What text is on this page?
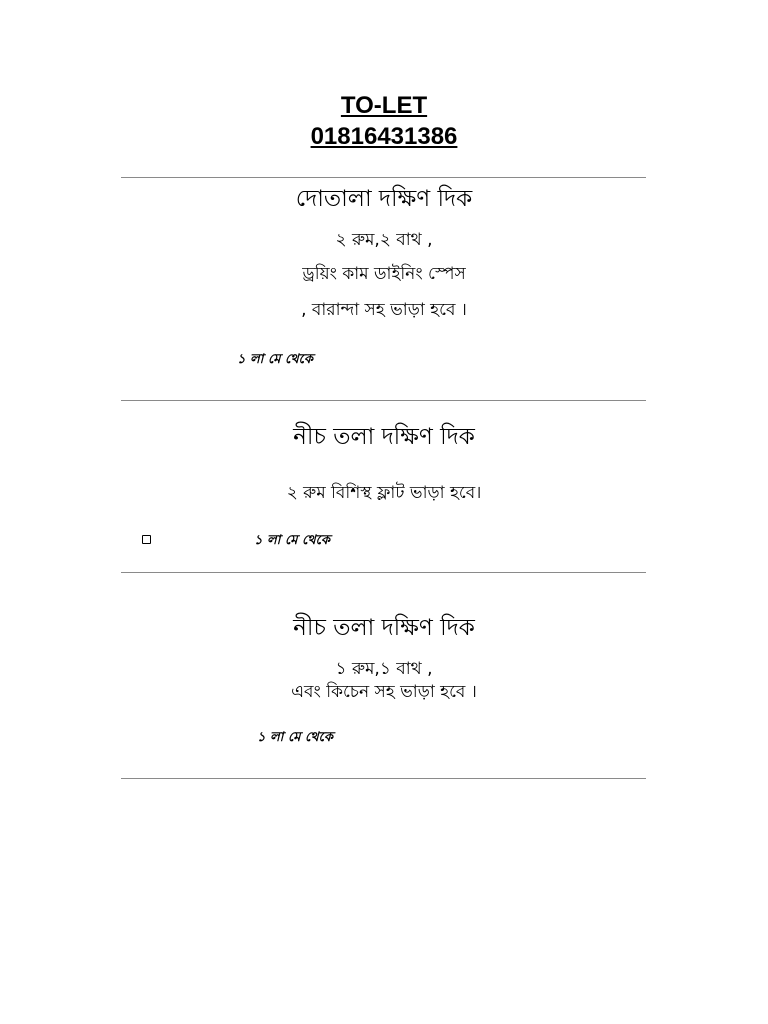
TO-LET
01816431386
দোতালা দক্ষিণ দিক
২ রুম,২ বাথ ,
ড্রয়িং কাম ডাইনিং স্পেস
, বারান্দা সহ ভাড়া হবে ।
১ লা মে থেকে
নীচ তলা দক্ষিণ দিক
২ রুম বিশিস্থ ফ্লাট ভাড়া হবে।
১ লা মে থেকে
নীচ তলা দক্ষিণ দিক
১ রুম,১ বাথ ,
এবং কিচেন সহ ভাড়া হবে ।
১ লা মে থেকে
